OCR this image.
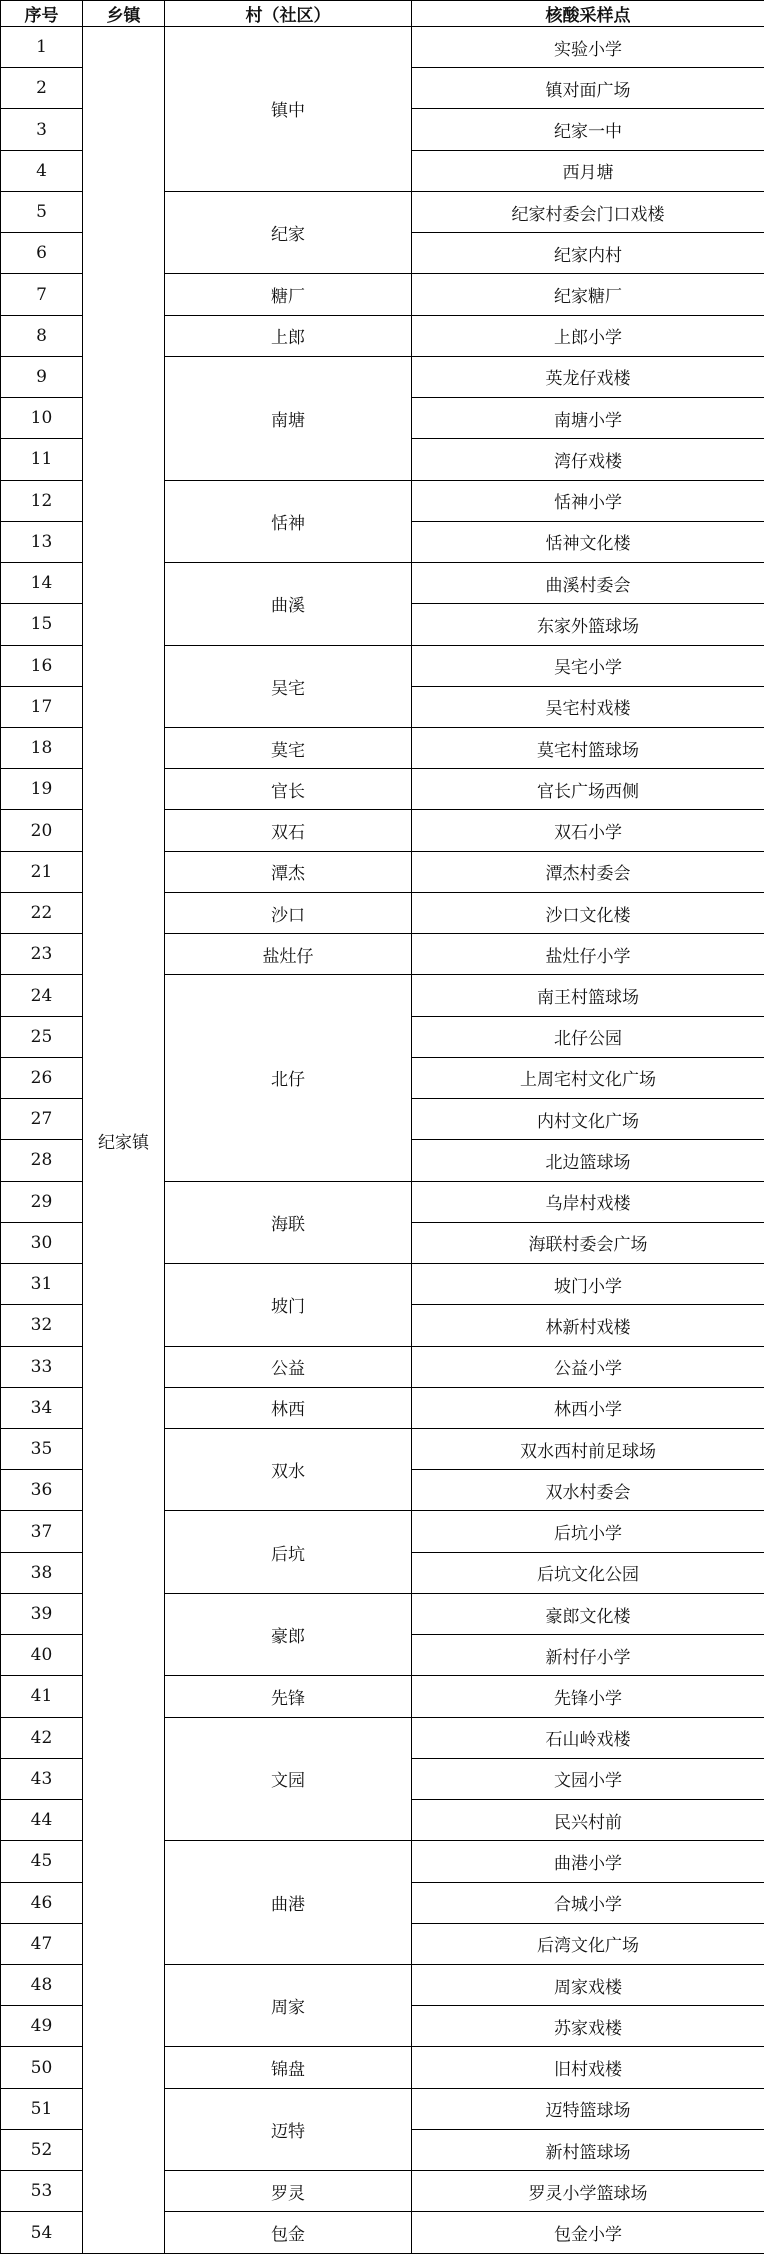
序号	乡镇	村（社区）	核酸采样点
1	纪家镇	镇中	实验小学
2			镇对面广场
3			纪家一中
4			西月塘
5		纪家	纪家村委会门口戏楼
6			纪家内村
7		糖厂	纪家糖厂
8		上郎	上郎小学
9		南塘	英龙仔戏楼
10			南塘小学
11			湾仔戏楼
12		恬神	恬神小学
13			恬神文化楼
14		曲溪	曲溪村委会
15			东家外篮球场
16		吴宅	吴宅小学
17			吴宅村戏楼
18		莫宅	莫宅村篮球场
19		官长	官长广场西侧
20		双石	双石小学
21		潭杰	潭杰村委会
22		沙口	沙口文化楼
23		盐灶仔	盐灶仔小学
24		北仔	南王村篮球场
25			北仔公园
26			上周宅村文化广场
27			内村文化广场
28			北边篮球场
29		海联	乌岸村戏楼
30			海联村委会广场
31		坡门	坡门小学
32			林新村戏楼
33		公益	公益小学
34		林西	林西小学
35		双水	双水西村前足球场
36			双水村委会
37		后坑	后坑小学
38			后坑文化公园
39		豪郎	豪郎文化楼
40			新村仔小学
41		先锋	先锋小学
42		文园	石山岭戏楼
43			文园小学
44			民兴村前
45		曲港	曲港小学
46			合城小学
47			后湾文化广场
48		周家	周家戏楼
49			苏家戏楼
50		锦盘	旧村戏楼
51		迈特	迈特篮球场
52			新村篮球场
53		罗灵	罗灵小学篮球场
54		包金	包金小学
